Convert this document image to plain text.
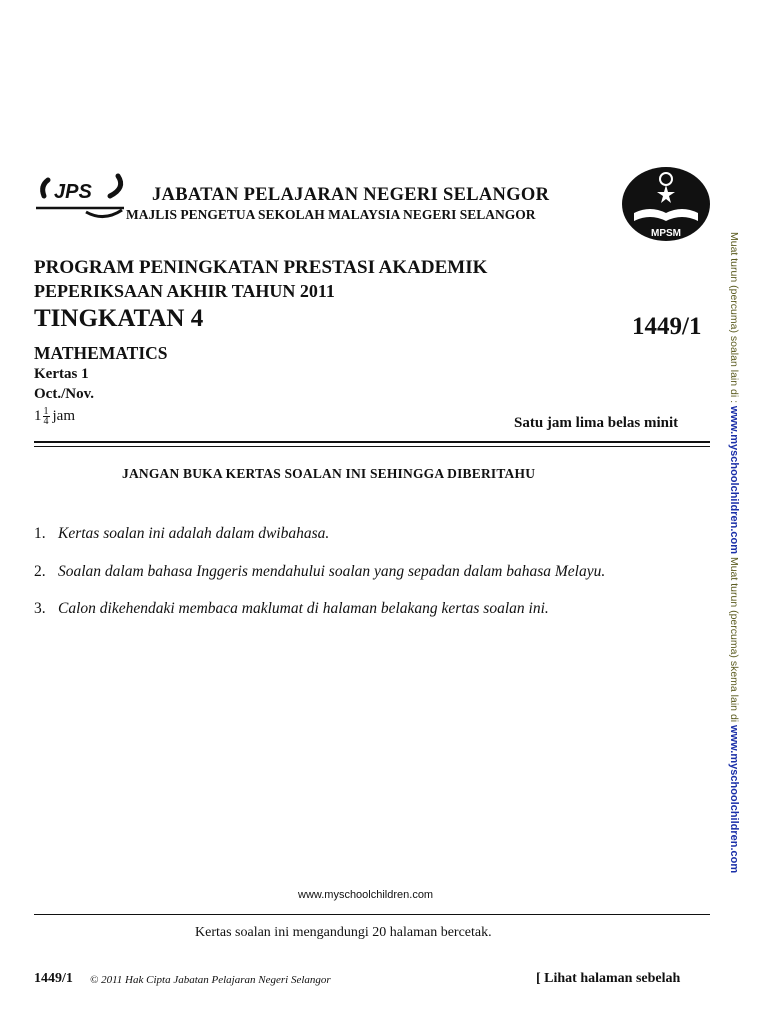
JPS	JABATAN PELAJARAN NEGERI SELANGOR
MAJLIS PENGETUA SEKOLAH MALAYSIA NEGERI SELANGOR
MPSM
PROGRAM PENINGKATAN PRESTASI AKADEMIK
PEPERIKSAAN AKHIR TAHUN 2011
TINGKATAN 4	1449/1
MATHEMATICS
Kertas 1
Oct./Nov.
$1 \frac{1}{4}$ jam	Satu jam lima belas minit
JANGAN BUKA KERTAS SOALAN INI SEHINGGA DIBERITAHU
1. Kertas soalan ini adalah dalam dwibahasa.
2. Soalan dalam bahasa Inggeris mendahului soalan yang sepadan dalam bahasa Melayu.
3. Calon dikehendaki membaca maklumat di halaman belakang kertas soalan ini.
www.myschoolchildren.com
Kertas soalan ini mengandungi 20 halaman bercetak.
1449/1 © 2011 Hak Cipta Jabatan Pelajaran Negeri Selangor	[ Lihat halaman sebelah
Muat turun (percuma) soalan lain di : www.myschoolchildren.com Muat turun (percuma) skema lain di www.myschoolchildren.com
